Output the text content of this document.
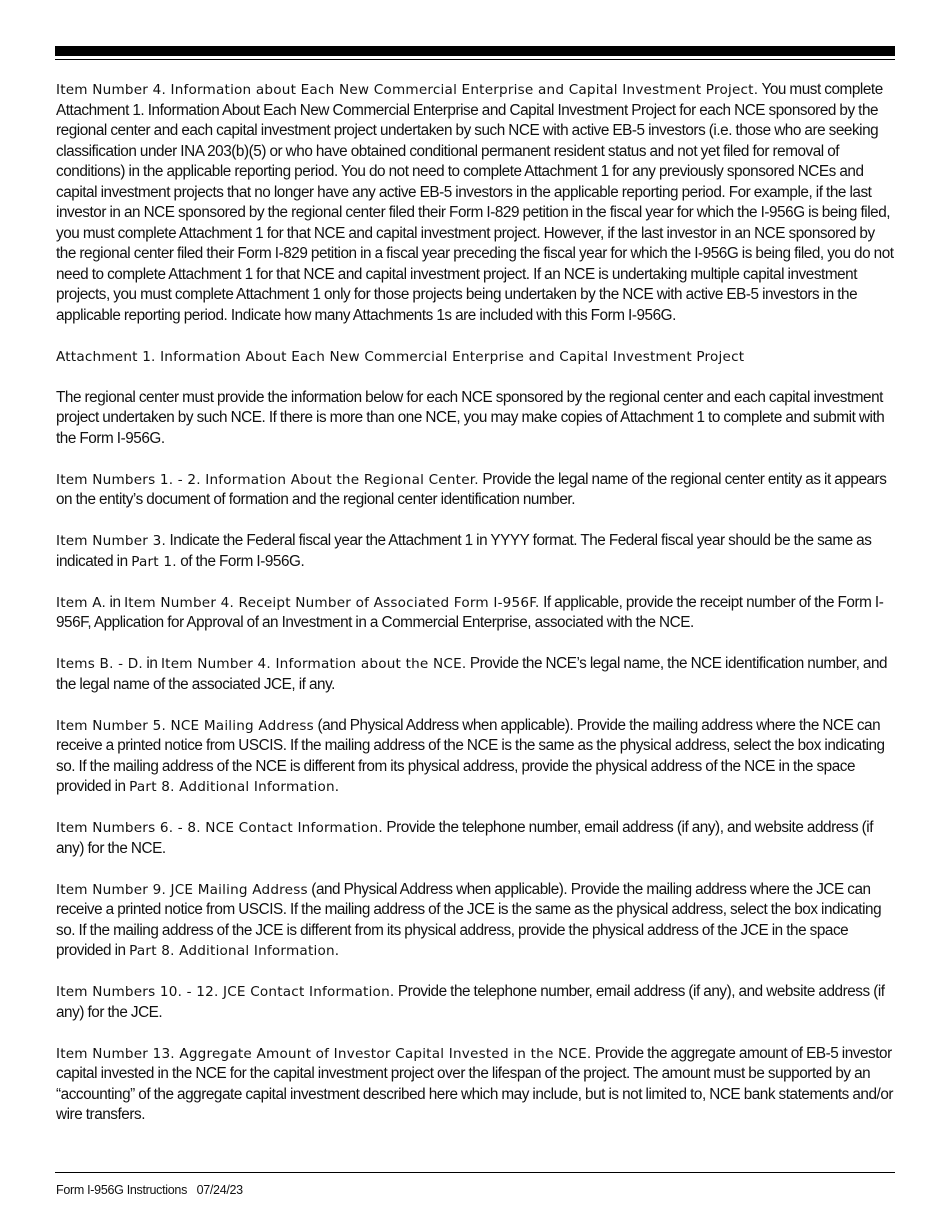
Item Number 4. Information about Each New Commercial Enterprise and Capital Investment Project. You must complete Attachment 1. Information About Each New Commercial Enterprise and Capital Investment Project for each NCE sponsored by the regional center and each capital investment project undertaken by such NCE with active EB-5 investors (i.e. those who are seeking classification under INA 203(b)(5) or who have obtained conditional permanent resident status and not yet filed for removal of conditions) in the applicable reporting period. You do not need to complete Attachment 1 for any previously sponsored NCEs and capital investment projects that no longer have any active EB-5 investors in the applicable reporting period. For example, if the last investor in an NCE sponsored by the regional center filed their Form I-829 petition in the fiscal year for which the I-956G is being filed, you must complete Attachment 1 for that NCE and capital investment project. However, if the last investor in an NCE sponsored by the regional center filed their Form I-829 petition in a fiscal year preceding the fiscal year for which the I-956G is being filed, you do not need to complete Attachment 1 for that NCE and capital investment project. If an NCE is undertaking multiple capital investment projects, you must complete Attachment 1 only for those projects being undertaken by the NCE with active EB-5 investors in the applicable reporting period. Indicate how many Attachments 1s are included with this Form I-956G.

Attachment 1. Information About Each New Commercial Enterprise and Capital Investment Project

The regional center must provide the information below for each NCE sponsored by the regional center and each capital investment project undertaken by such NCE. If there is more than one NCE, you may make copies of Attachment 1 to complete and submit with the Form I-956G.

Item Numbers 1. - 2. Information About the Regional Center. Provide the legal name of the regional center entity as it appears on the entity’s document of formation and the regional center identification number.

Item Number 3. Indicate the Federal fiscal year the Attachment 1 in YYYY format. The Federal fiscal year should be the same as indicated in Part 1. of the Form I-956G.

Item A. in Item Number 4. Receipt Number of Associated Form I-956F. If applicable, provide the receipt number of the Form I-956F, Application for Approval of an Investment in a Commercial Enterprise, associated with the NCE.

Items B. - D. in Item Number 4. Information about the NCE. Provide the NCE’s legal name, the NCE identification number, and the legal name of the associated JCE, if any.

Item Number 5. NCE Mailing Address (and Physical Address when applicable). Provide the mailing address where the NCE can receive a printed notice from USCIS. If the mailing address of the NCE is the same as the physical address, select the box indicating so. If the mailing address of the NCE is different from its physical address, provide the physical address of the NCE in the space provided in Part 8. Additional Information.

Item Numbers 6. - 8. NCE Contact Information. Provide the telephone number, email address (if any), and website address (if any) for the NCE.

Item Number 9. JCE Mailing Address (and Physical Address when applicable). Provide the mailing address where the JCE can receive a printed notice from USCIS. If the mailing address of the JCE is the same as the physical address, select the box indicating so. If the mailing address of the JCE is different from its physical address, provide the physical address of the JCE in the space provided in Part 8. Additional Information.

Item Numbers 10. - 12. JCE Contact Information. Provide the telephone number, email address (if any), and website address (if any) for the JCE.

Item Number 13. Aggregate Amount of Investor Capital Invested in the NCE. Provide the aggregate amount of EB-5 investor capital invested in the NCE for the capital investment project over the lifespan of the project. The amount must be supported by an “accounting” of the aggregate capital investment described here which may include, but is not limited to, NCE bank statements and/or wire transfers.

Form I-956G Instructions 07/24/23
